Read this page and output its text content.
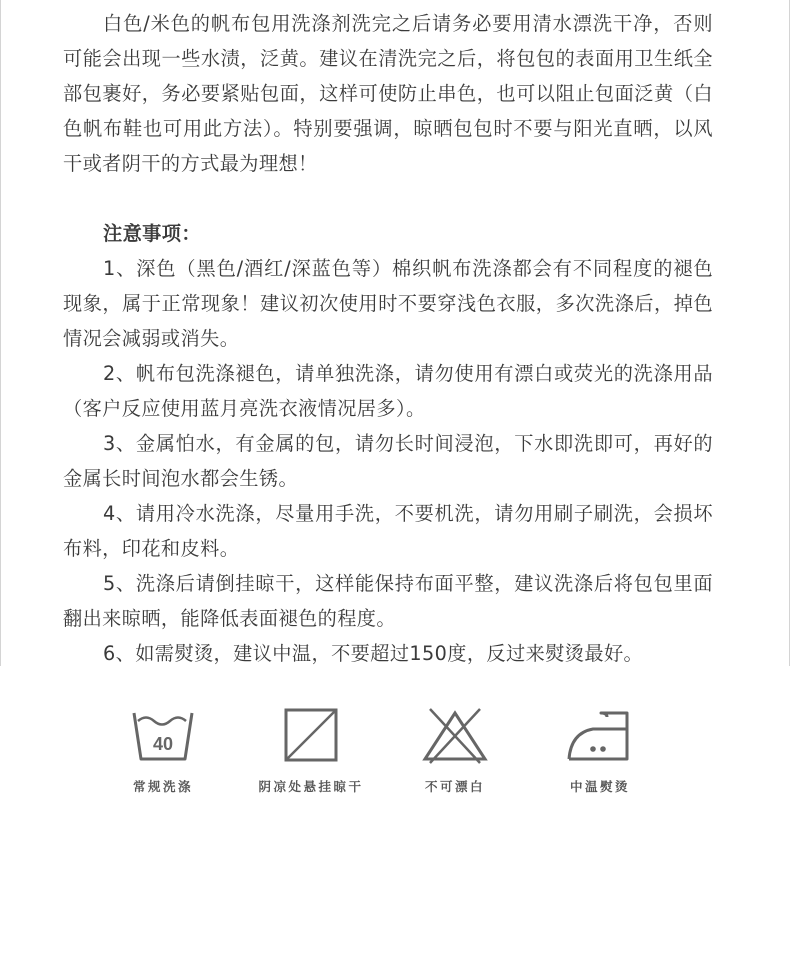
白色/米色的帆布包用洗涤剂洗完之后请务必要用清水漂洗干净，否则可能会出现一些水渍，泛黄。建议在清洗完之后，将包包的表面用卫生纸全部包裹好，务必要紧贴包面，这样可使防止串色，也可以阻止包面泛黄（白色帆布鞋也可用此方法）。特别要强调，晾晒包包时不要与阳光直晒，以风干或者阴干的方式最为理想！

注意事项：

1、深色（黑色/酒红/深蓝色等）棉织帆布洗涤都会有不同程度的褪色现象，属于正常现象！建议初次使用时不要穿浅色衣服，多次洗涤后，掉色情况会减弱或消失。

2、帆布包洗涤褪色，请单独洗涤，请勿使用有漂白或荧光的洗涤用品（客户反应使用蓝月亮洗衣液情况居多）。

3、金属怕水，有金属的包，请勿长时间浸泡，下水即洗即可，再好的金属长时间泡水都会生锈。

4、请用冷水洗涤，尽量用手洗，不要机洗，请勿用刷子刷洗，会损坏布料，印花和皮料。

5、洗涤后请倒挂晾干，这样能保持布面平整，建议洗涤后将包包里面翻出来晾晒，能降低表面褪色的程度。

6、如需熨烫，建议中温，不要超过150度，反过来熨烫最好。

40
常规洗涤	阴凉处悬挂晾干	不可漂白	中温熨烫
